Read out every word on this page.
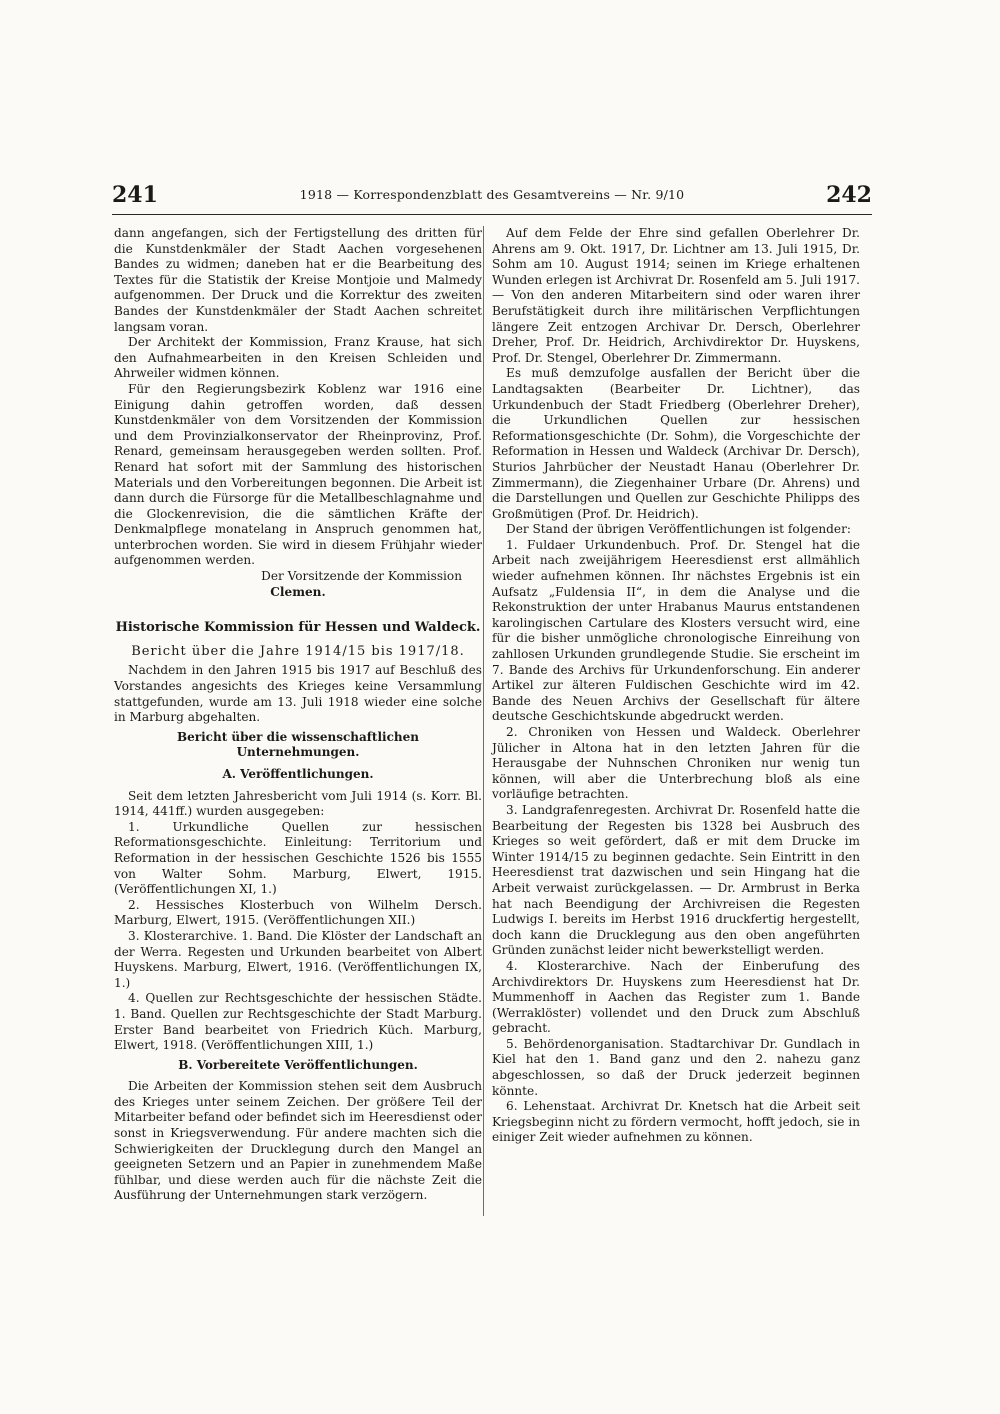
241	1918 — Korrespondenzblatt des Gesamtvereins — Nr. 9/10	242

dann angefangen, sich der Fertigstellung des dritten für die Kunstdenkmäler der Stadt Aachen vorgesehenen Bandes zu widmen; daneben hat er die Bearbeitung des Textes für die Statistik der Kreise Montjoie und Malmedy aufgenommen. Der Druck und die Korrektur des zweiten Bandes der Kunstdenkmäler der Stadt Aachen schreitet langsam voran.

Der Architekt der Kommission, Franz Krause, hat sich den Aufnahmearbeiten in den Kreisen Schleiden und Ahrweiler widmen können.

Für den Regierungsbezirk Koblenz war 1916 eine Einigung dahin getroffen worden, daß dessen Kunstdenkmäler von dem Vorsitzenden der Kommission und dem Provinzialkonservator der Rheinprovinz, Prof. Renard, gemeinsam herausgegeben werden sollten. Prof. Renard hat sofort mit der Sammlung des historischen Materials und den Vorbereitungen begonnen. Die Arbeit ist dann durch die Fürsorge für die Metallbeschlagnahme und die Glockenrevision, die die sämtlichen Kräfte der Denkmalpflege monatelang in Anspruch genommen hat, unterbrochen worden. Sie wird in diesem Frühjahr wieder aufgenommen werden.

Der Vorsitzende der Kommission

Clemen.

Historische Kommission für Hessen und Waldeck.

Bericht über die Jahre 1914/15 bis 1917/18.

Nachdem in den Jahren 1915 bis 1917 auf Beschluß des Vorstandes angesichts des Krieges keine Versammlung stattgefunden, wurde am 13. Juli 1918 wieder eine solche in Marburg abgehalten.

Bericht über die wissenschaftlichen Unternehmungen.

A. Veröffentlichungen.

Seit dem letzten Jahresbericht vom Juli 1914 (s. Korr. Bl. 1914, 441ff.) wurden ausgegeben:

1. Urkundliche Quellen zur hessischen Reformationsgeschichte. Einleitung: Territorium und Reformation in der hessischen Geschichte 1526 bis 1555 von Walter Sohm. Marburg, Elwert, 1915. (Veröffentlichungen XI, 1.)

2. Hessisches Klosterbuch von Wilhelm Dersch. Marburg, Elwert, 1915. (Veröffentlichungen XII.)

3. Klosterarchive. 1. Band. Die Klöster der Landschaft an der Werra. Regesten und Urkunden bearbeitet von Albert Huyskens. Marburg, Elwert, 1916. (Veröffentlichungen IX, 1.)

4. Quellen zur Rechtsgeschichte der hessischen Städte. 1. Band. Quellen zur Rechtsgeschichte der Stadt Marburg. Erster Band bearbeitet von Friedrich Küch. Marburg, Elwert, 1918. (Veröffentlichungen XIII, 1.)

B. Vorbereitete Veröffentlichungen.

Die Arbeiten der Kommission stehen seit dem Ausbruch des Krieges unter seinem Zeichen. Der größere Teil der Mitarbeiter befand oder befindet sich im Heeresdienst oder sonst in Kriegsverwendung. Für andere machten sich die Schwierigkeiten der Drucklegung durch den Mangel an geeigneten Setzern und an Papier in zunehmendem Maße fühlbar, und diese werden auch für die nächste Zeit die Ausführung der Unternehmungen stark verzögern.

Auf dem Felde der Ehre sind gefallen Oberlehrer Dr. Ahrens am 9. Okt. 1917, Dr. Lichtner am 13. Juli 1915, Dr. Sohm am 10. August 1914; seinen im Kriege erhaltenen Wunden erlegen ist Archivrat Dr. Rosenfeld am 5. Juli 1917. — Von den anderen Mitarbeitern sind oder waren ihrer Berufstätigkeit durch ihre militärischen Verpflichtungen längere Zeit entzogen Archivar Dr. Dersch, Oberlehrer Dreher, Prof. Dr. Heidrich, Archivdirektor Dr. Huyskens, Prof. Dr. Stengel, Oberlehrer Dr. Zimmermann.

Es muß demzufolge ausfallen der Bericht über die Landtagsakten (Bearbeiter Dr. Lichtner), das Urkundenbuch der Stadt Friedberg (Oberlehrer Dreher), die Urkundlichen Quellen zur hessischen Reformationsgeschichte (Dr. Sohm), die Vorgeschichte der Reformation in Hessen und Waldeck (Archivar Dr. Dersch), Sturios Jahrbücher der Neustadt Hanau (Oberlehrer Dr. Zimmermann), die Ziegenhainer Urbare (Dr. Ahrens) und die Darstellungen und Quellen zur Geschichte Philipps des Großmütigen (Prof. Dr. Heidrich).

Der Stand der übrigen Veröffentlichungen ist folgender:

1. Fuldaer Urkundenbuch. Prof. Dr. Stengel hat die Arbeit nach zweijährigem Heeresdienst erst allmählich wieder aufnehmen können. Ihr nächstes Ergebnis ist ein Aufsatz „Fuldensia II“, in dem die Analyse und die Rekonstruktion der unter Hrabanus Maurus entstandenen karolingischen Cartulare des Klosters versucht wird, eine für die bisher unmögliche chronologische Einreihung von zahllosen Urkunden grundlegende Studie. Sie erscheint im 7. Bande des Archivs für Urkundenforschung. Ein anderer Artikel zur älteren Fuldischen Geschichte wird im 42. Bande des Neuen Archivs der Gesellschaft für ältere deutsche Geschichtskunde abgedruckt werden.

2. Chroniken von Hessen und Waldeck. Oberlehrer Jülicher in Altona hat in den letzten Jahren für die Herausgabe der Nuhnschen Chroniken nur wenig tun können, will aber die Unterbrechung bloß als eine vorläufige betrachten.

3. Landgrafenregesten. Archivrat Dr. Rosenfeld hatte die Bearbeitung der Regesten bis 1328 bei Ausbruch des Krieges so weit gefördert, daß er mit dem Drucke im Winter 1914/15 zu beginnen gedachte. Sein Eintritt in den Heeresdienst trat dazwischen und sein Hingang hat die Arbeit verwaist zurückgelassen. — Dr. Armbrust in Berka hat nach Beendigung der Archivreisen die Regesten Ludwigs I. bereits im Herbst 1916 druckfertig hergestellt, doch kann die Drucklegung aus den oben angeführten Gründen zunächst leider nicht bewerkstelligt werden.

4. Klosterarchive. Nach der Einberufung des Archivdirektors Dr. Huyskens zum Heeresdienst hat Dr. Mummenhoff in Aachen das Register zum 1. Bande (Werraklöster) vollendet und den Druck zum Abschluß gebracht.

5. Behördenorganisation. Stadtarchivar Dr. Gundlach in Kiel hat den 1. Band ganz und den 2. nahezu ganz abgeschlossen, so daß der Druck jederzeit beginnen könnte.

6. Lehenstaat. Archivrat Dr. Knetsch hat die Arbeit seit Kriegsbeginn nicht zu fördern vermocht, hofft jedoch, sie in einiger Zeit wieder aufnehmen zu können.
